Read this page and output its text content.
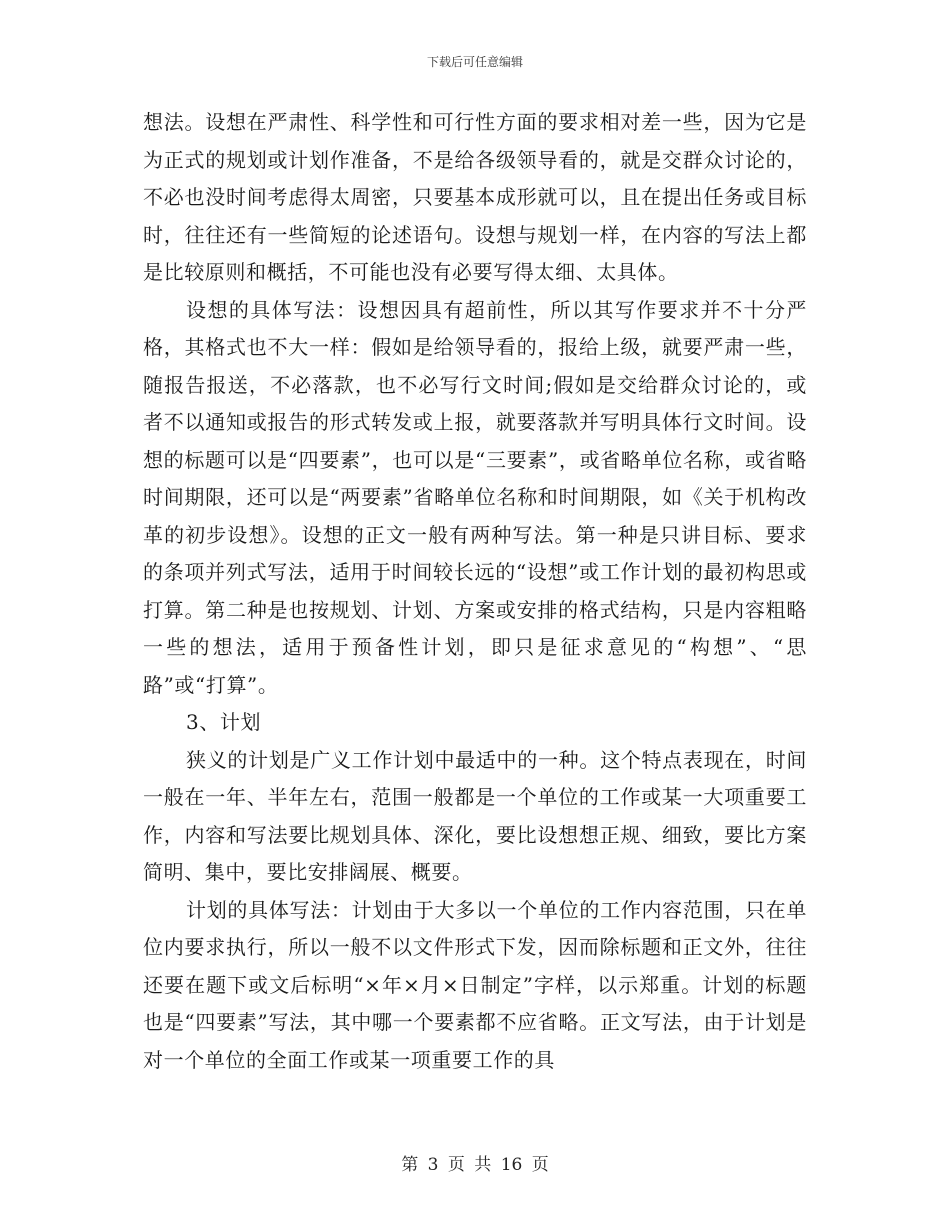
下载后可任意编辑

想法。设想在严肃性、科学性和可行性方面的要求相对差一些，因为它是为正式的规划或计划作准备，不是给各级领导看的，就是交群众讨论的，不必也没时间考虑得太周密，只要基本成形就可以，且在提出任务或目标时，往往还有一些简短的论述语句。设想与规划一样，在内容的写法上都是比较原则和概括，不可能也没有必要写得太细、太具体。

设想的具体写法：设想因具有超前性，所以其写作要求并不十分严格，其格式也不大一样：假如是给领导看的，报给上级，就要严肃一些，随报告报送，不必落款，也不必写行文时间;假如是交给群众讨论的，或者不以通知或报告的形式转发或上报，就要落款并写明具体行文时间。设想的标题可以是“四要素”，也可以是“三要素”，或省略单位名称，或省略时间期限，还可以是“两要素”省略单位名称和时间期限，如《关于机构改革的初步设想》。设想的正文一般有两种写法。第一种是只讲目标、要求的条项并列式写法，适用于时间较长远的“设想”或工作计划的最初构思或打算。第二种是也按规划、计划、方案或安排的格式结构，只是内容粗略一些的想法，适用于预备性计划，即只是征求意见的“构想”、“思路”或“打算”。

3、计划

狭义的计划是广义工作计划中最适中的一种。这个特点表现在，时间一般在一年、半年左右，范围一般都是一个单位的工作或某一大项重要工作，内容和写法要比规划具体、深化，要比设想想正规、细致，要比方案简明、集中，要比安排阔展、概要。

计划的具体写法：计划由于大多以一个单位的工作内容范围，只在单位内要求执行，所以一般不以文件形式下发，因而除标题和正文外，往往还要在题下或文后标明“×年×月×日制定”字样，以示郑重。计划的标题也是“四要素”写法，其中哪一个要素都不应省略。正文写法，由于计划是对一个单位的全面工作或某一项重要工作的具

第 3 页 共 16 页
